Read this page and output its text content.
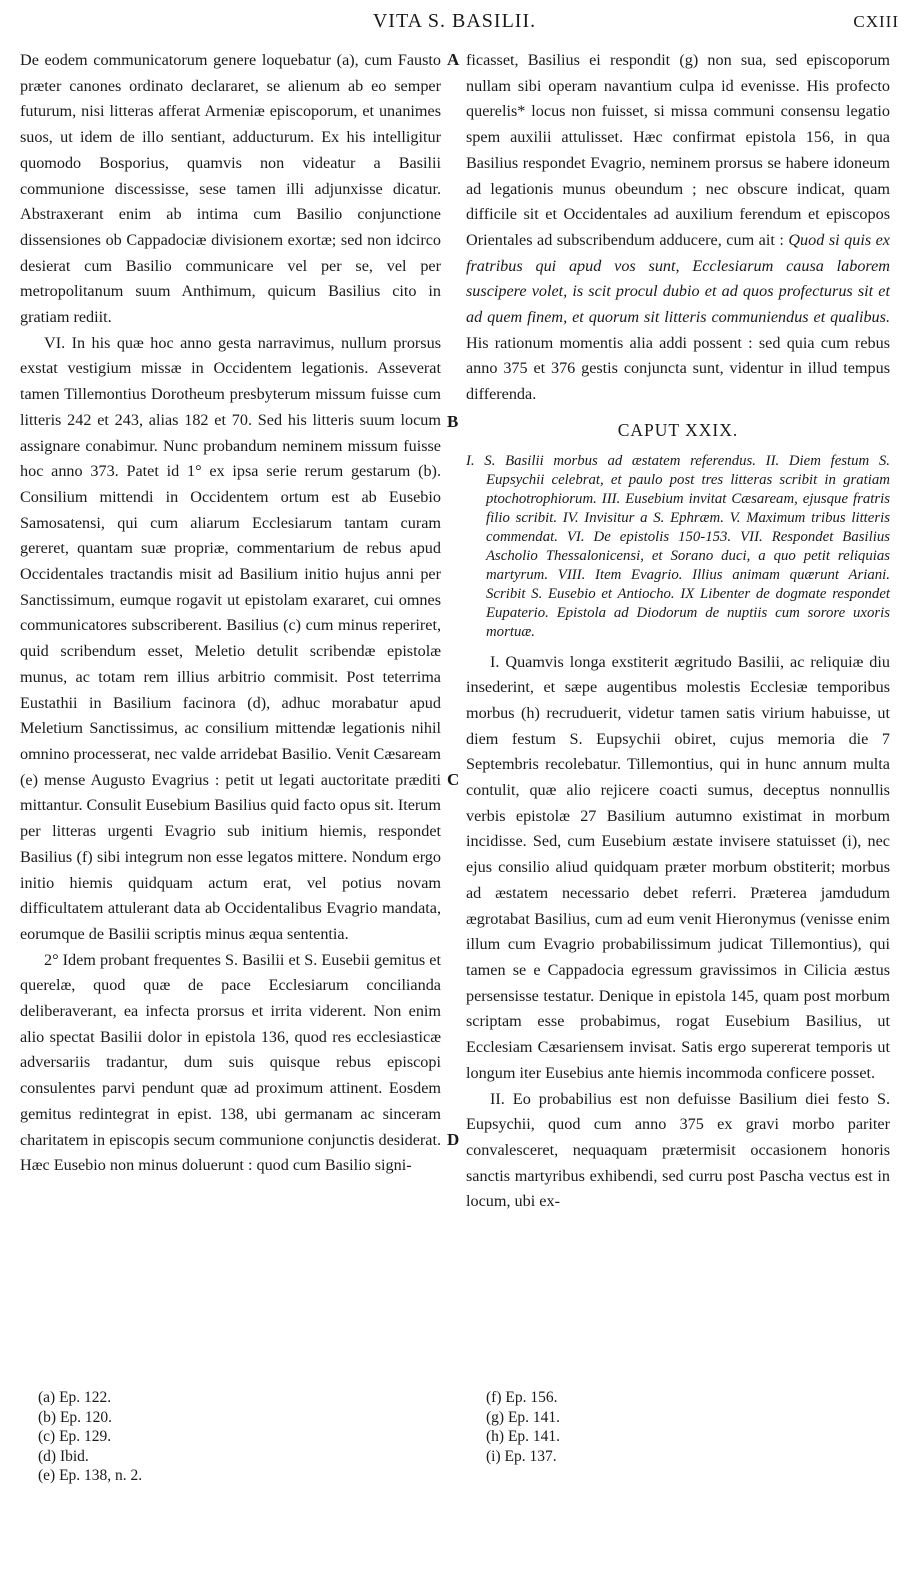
VITA S. BASILII.	CXIII

De eodem communicatorum genere loquebatur (a), cum Fausto præter canones ordinato declararet, se alienum ab eo semper futurum, nisi litteras afferat Armeniæ episcoporum, et unanimes suos, ut idem de illo sentiant, adducturum. Ex his intelligitur quomodo Bosporius, quamvis non videatur a Basilii communione discessisse, sese tamen illi adjunxisse dicatur. Abstraxerant enim ab intima cum Basilio conjunctione dissensiones ob Cappadociæ divisionem exortæ; sed non idcirco desierat cum Basilio communicare vel per se, vel per metropolitanum suum Anthimum, quicum Basilius cito in gratiam rediit.

VI. In his quæ hoc anno gesta narravimus, nullum prorsus exstat vestigium missæ in Occidentem legationis. Asseverat tamen Tillemontius Dorotheum presbyterum missum fuisse cum litteris 242 et 243, alias 182 et 70. Sed his litteris suum locum assignare conabimur. Nunc probandum neminem missum fuisse hoc anno 373. Patet id 1° ex ipsa serie rerum gestarum (b). Consilium mittendi in Occidentem ortum est ab Eusebio Samosatensi, qui cum aliarum Ecclesiarum tantam curam gereret, quantam suæ propriæ, commentarium de rebus apud Occidentales tractandis misit ad Basilium initio hujus anni per Sanctissimum, eumque rogavit ut epistolam exararet, cui omnes communicatores subscriberent. Basilius (c) cum minus reperiret, quid scribendum esset, Meletio detulit scribendæ epistolæ munus, ac totam rem illius arbitrio commisit. Post teterrima Eustathii in Basilium facinora (d), adhuc morabatur apud Meletium Sanctissimus, ac consilium mittendæ legationis nihil omnino processerat, nec valde arridebat Basilio. Venit Cæsaream (e) mense Augusto Evagrius : petit ut legati auctoritate præditi mittantur. Consulit Eusebium Basilius quid facto opus sit. Iterum per litteras urgenti Evagrio sub initium hiemis, respondet Basilius (f) sibi integrum non esse legatos mittere. Nondum ergo initio hiemis quidquam actum erat, vel potius novam difficultatem attulerant data ab Occidentalibus Evagrio mandata, eorumque de Basilii scriptis minus æqua sententia.

2° Idem probant frequentes S. Basilii et S. Eusebii gemitus et querelæ, quod quæ de pace Ecclesiarum concilianda deliberaverant, ea infecta prorsus et irrita viderent. Non enim alio spectat Basilii dolor in epistola 136, quod res ecclesiasticæ adversariis tradantur, dum suis quisque rebus episcopi consulentes parvi pendunt quæ ad proximum attinent. Eosdem gemitus redintegrat in epist. 138, ubi germanam ac sinceram charitatem in episcopis secum communione conjunctis desiderat. Hæc Eusebio non minus doluerunt : quod cum Basilio signi-

A
B
C
D

ficasset, Basilius ei respondit (g) non sua, sed episcoporum nullam sibi operam navantium culpa id evenisse. His profecto querelis* locus non fuisset, si missa communi consensu legatio spem auxilii attulisset. Hæc confirmat epistola 156, in qua Basilius respondet Evagrio, neminem prorsus se habere idoneum ad legationis munus obeundum ; nec obscure indicat, quam difficile sit et Occidentales ad auxilium ferendum et episcopos Orientales ad subscribendum adducere, cum ait : Quod si quis ex fratribus qui apud vos sunt, Ecclesiarum causa laborem suscipere volet, is scit procul dubio et ad quos profecturus sit et ad quem finem, et quorum sit litteris communiendus et qualibus. His rationum momentis alia addi possent : sed quia cum rebus anno 375 et 376 gestis conjuncta sunt, videntur in illud tempus differenda.

CAPUT XXIX.
I. S. Basilii morbus ad æstatem referendus. II. Diem festum S. Eupsychii celebrat, et paulo post tres litteras scribit in gratiam ptochotrophiorum. III. Eusebium invitat Cæsaream, ejusque fratris filio scribit. IV. Invisitur a S. Ephræm. V. Maximum tribus litteris commendat. VI. De epistolis 150-153. VII. Respondet Basilius Ascholio Thessalonicensi, et Sorano duci, a quo petit reliquias martyrum. VIII. Item Evagrio. Illius animam quærunt Ariani. Scribit S. Eusebio et Antiocho. IX Libenter de dogmate respondet Eupaterio. Epistola ad Diodorum de nuptiis cum sorore uxoris mortuæ.

I. Quamvis longa exstiterit ægritudo Basilii, ac reliquiæ diu insederint, et sæpe augentibus molestis Ecclesiæ temporibus morbus (h) recruduerit, videtur tamen satis virium habuisse, ut diem festum S. Eupsychii obiret, cujus memoria die 7 Septembris recolebatur. Tillemontius, qui in hunc annum multa contulit, quæ alio rejicere coacti sumus, deceptus nonnullis verbis epistolæ 27 Basilium autumno existimat in morbum incidisse. Sed, cum Eusebium æstate invisere statuisset (i), nec ejus consilio aliud quidquam præter morbum obstiterit; morbus ad æstatem necessario debet referri. Præterea jamdudum ægrotabat Basilius, cum ad eum venit Hieronymus (venisse enim illum cum Evagrio probabilissimum judicat Tillemontius), qui tamen se e Cappadocia egressum gravissimos in Cilicia æstus persensisse testatur. Denique in epistola 145, quam post morbum scriptam esse probabimus, rogat Eusebium Basilius, ut Ecclesiam Cæsariensem invisat. Satis ergo supererat temporis ut longum iter Eusebius ante hiemis incommoda conficere posset.

II. Eo probabilius est non defuisse Basilium diei festo S. Eupsychii, quod cum anno 375 ex gravi morbo pariter convalesceret, nequaquam prætermisit occasionem honoris sanctis martyribus exhibendi, sed curru post Pascha vectus est in locum, ubi ex-

(a) Ep. 122.
(b) Ep. 120.
(c) Ep. 129.
(d) Ibid.
(e) Ep. 138, n. 2.
(f) Ep. 156.
(g) Ep. 141.
(h) Ep. 141.
(i) Ep. 137.
